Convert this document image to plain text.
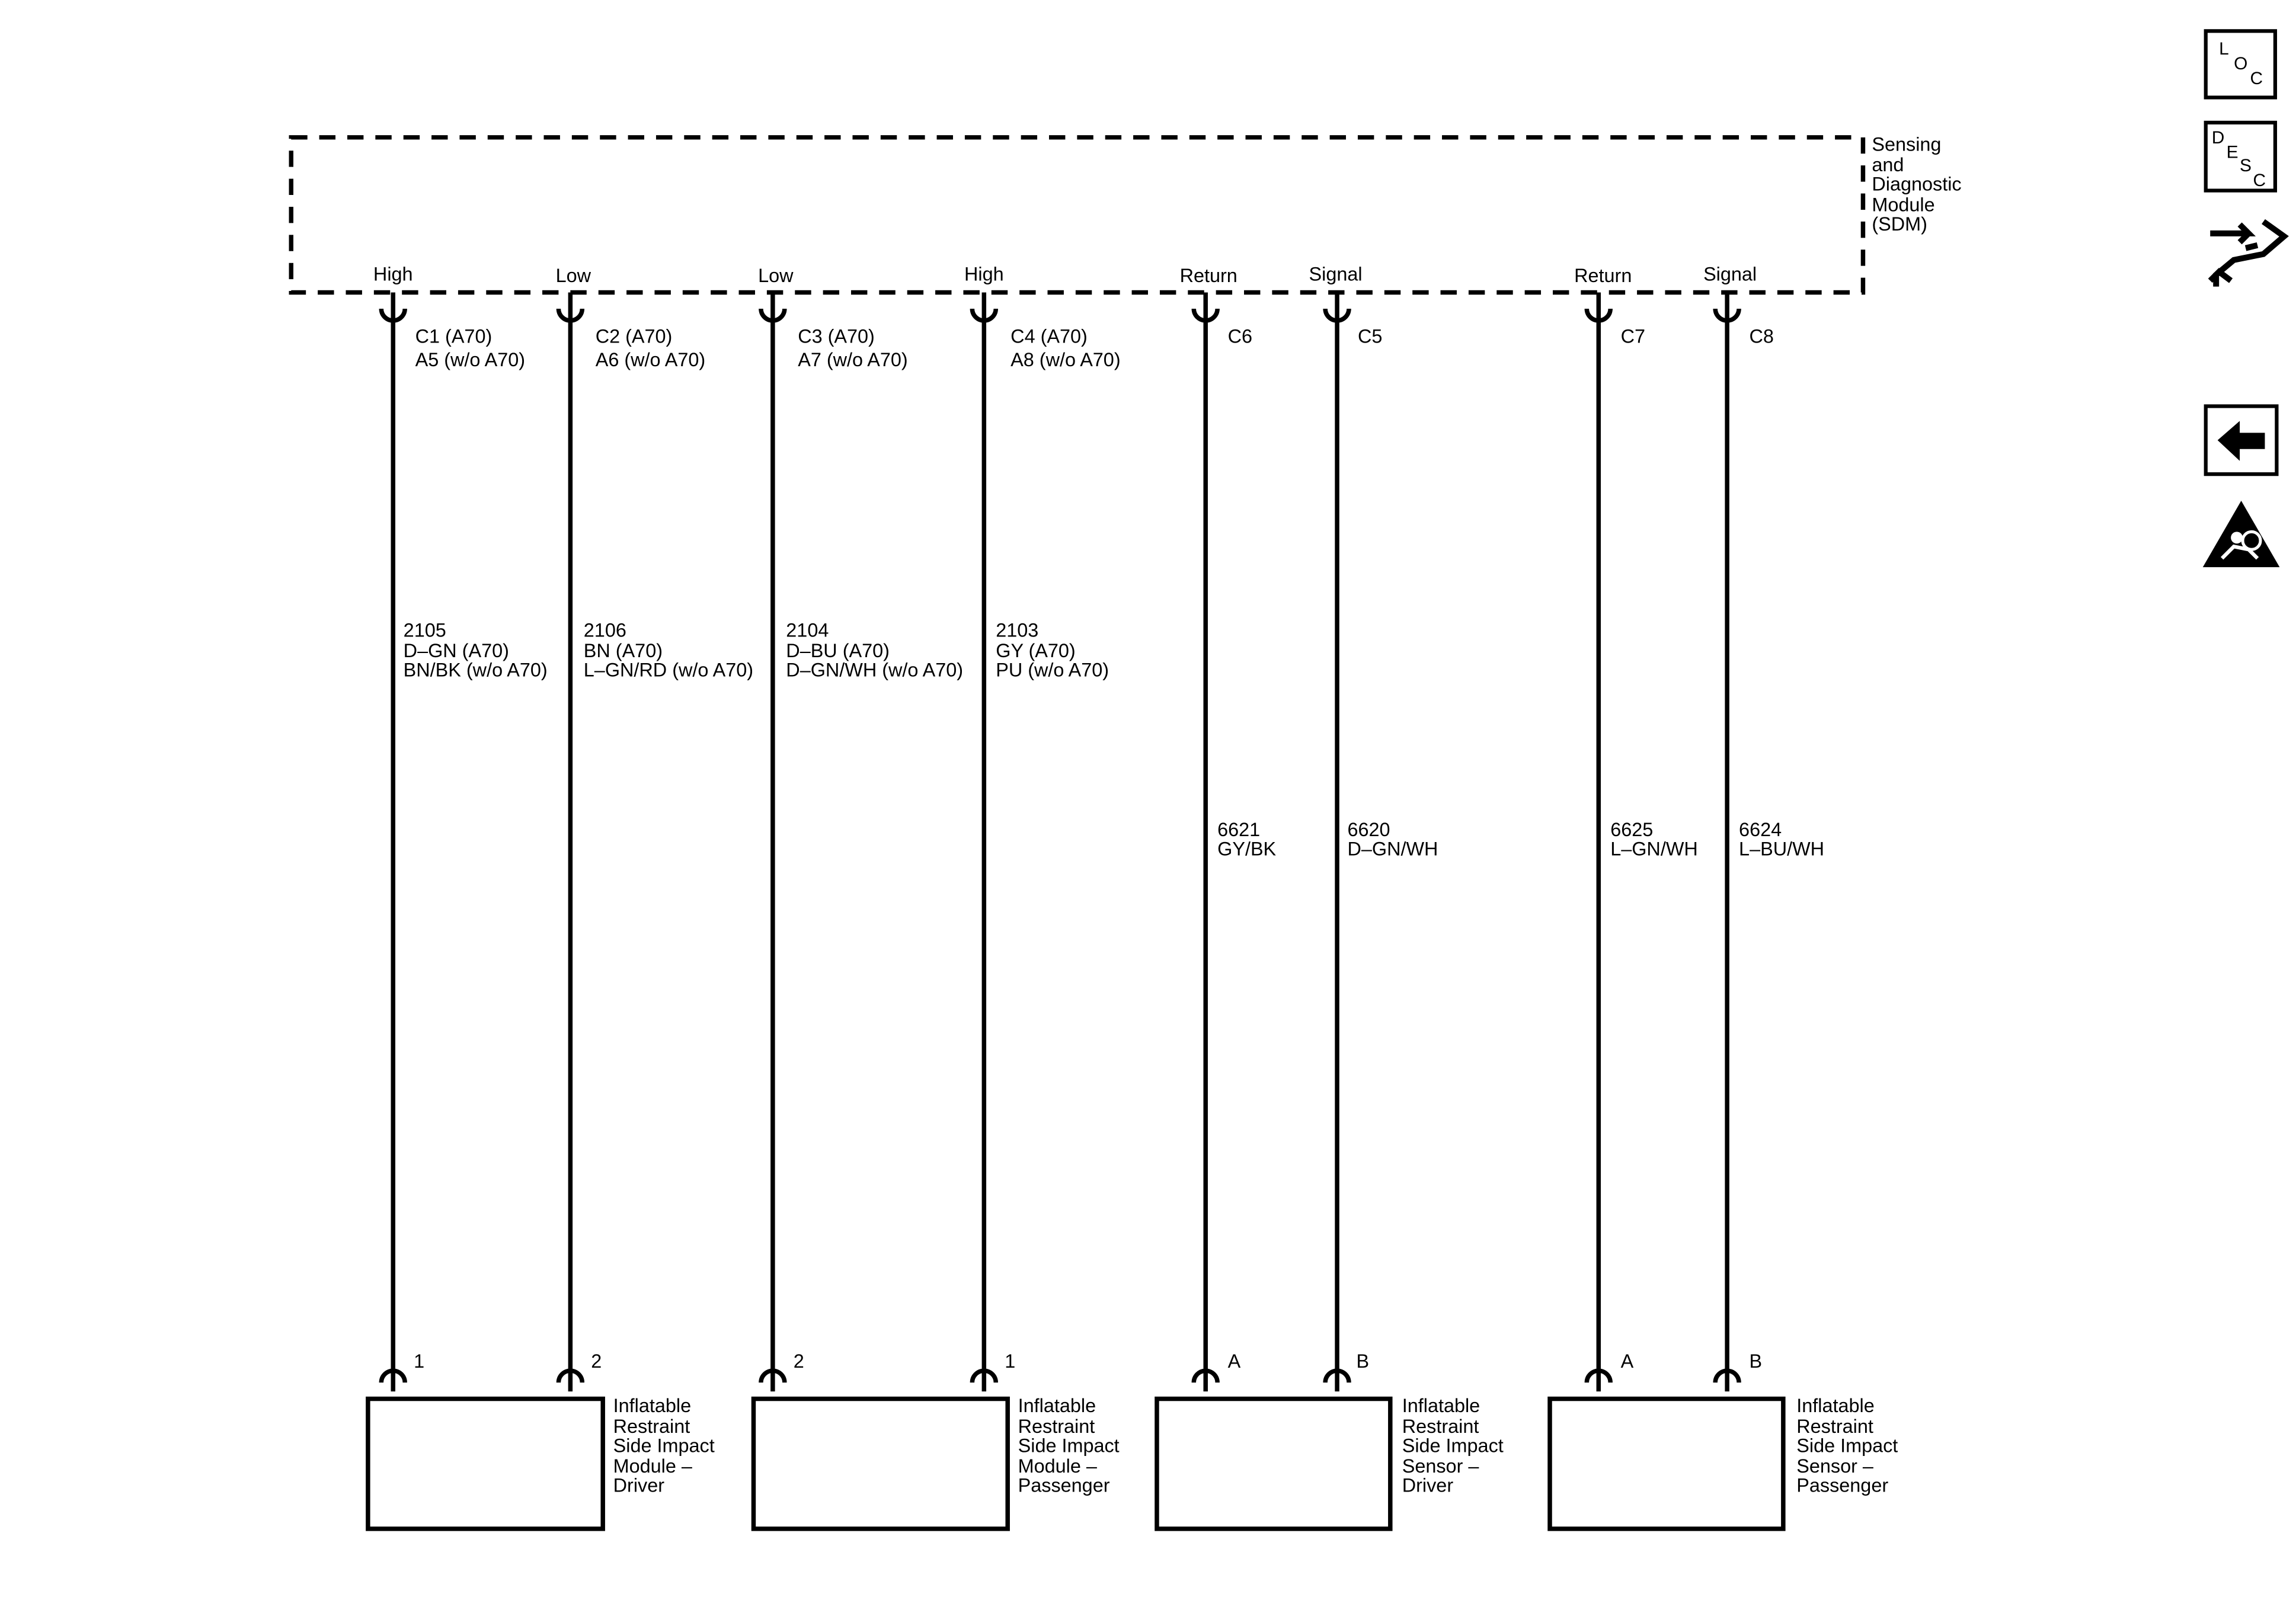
Sensing and Diagnostic Module (SDM)
High
C1 (A70) A5 (w/o A70)
2105 D–GN (A70) BN/BK (w/o A70)
1
Low
C2 (A70) A6 (w/o A70)
2106 BN (A70) L–GN/RD (w/o A70)
2
Low
C3 (A70) A7 (w/o A70)
2104 D–BU (A70) D–GN/WH (w/o A70)
2
High
C4 (A70) A8 (w/o A70)
2103 GY (A70) PU (w/o A70)
1
Return
C6
6621 GY/BK
A
Signal
C5
6620 D–GN/WH
B
Return
C7
6625 L–GN/WH
A
Signal
C8
6624 L–BU/WH
B
Inflatable Restraint Side Impact Module – Driver
Inflatable Restraint Side Impact Module – Passenger
Inflatable Restraint Side Impact Sensor – Driver
Inflatable Restraint Side Impact Sensor – Passenger
L
O
C
D
E
S
C
